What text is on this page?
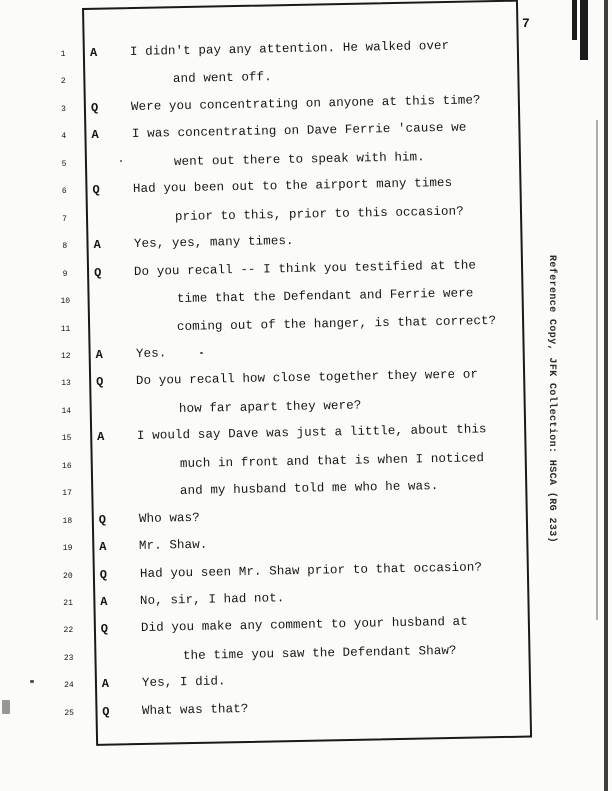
7
1	A	I didn't pay any attention. He walked over
2	and went off.
3	Q	Were you concentrating on anyone at this time?
4	A	I was concentrating on Dave Ferrie 'cause we
5	went out there to speak with him.
6	Q	Had you been out to the airport many times
7	prior to this, prior to this occasion?
8	A	Yes, yes, many times.
9	Q	Do you recall -- I think you testified at the
10	time that the Defendant and Ferrie were
11	coming out of the hanger, is that correct?
12	A	Yes.
13	Q	Do you recall how close together they were or
14	how far apart they were?
15	A	I would say Dave was just a little, about this
16	much in front and that is when I noticed
17	and my husband told me who he was.
18	Q	Who was?
19	A	Mr. Shaw.
20	Q	Had you seen Mr. Shaw prior to that occasion?
21	A	No, sir, I had not.
22	Q	Did you make any comment to your husband at
23	the time you saw the Defendant Shaw?
24	A	Yes, I did.
25	Q	What was that?
Reference Copy, JFK Collection: HSCA (RG 233)
